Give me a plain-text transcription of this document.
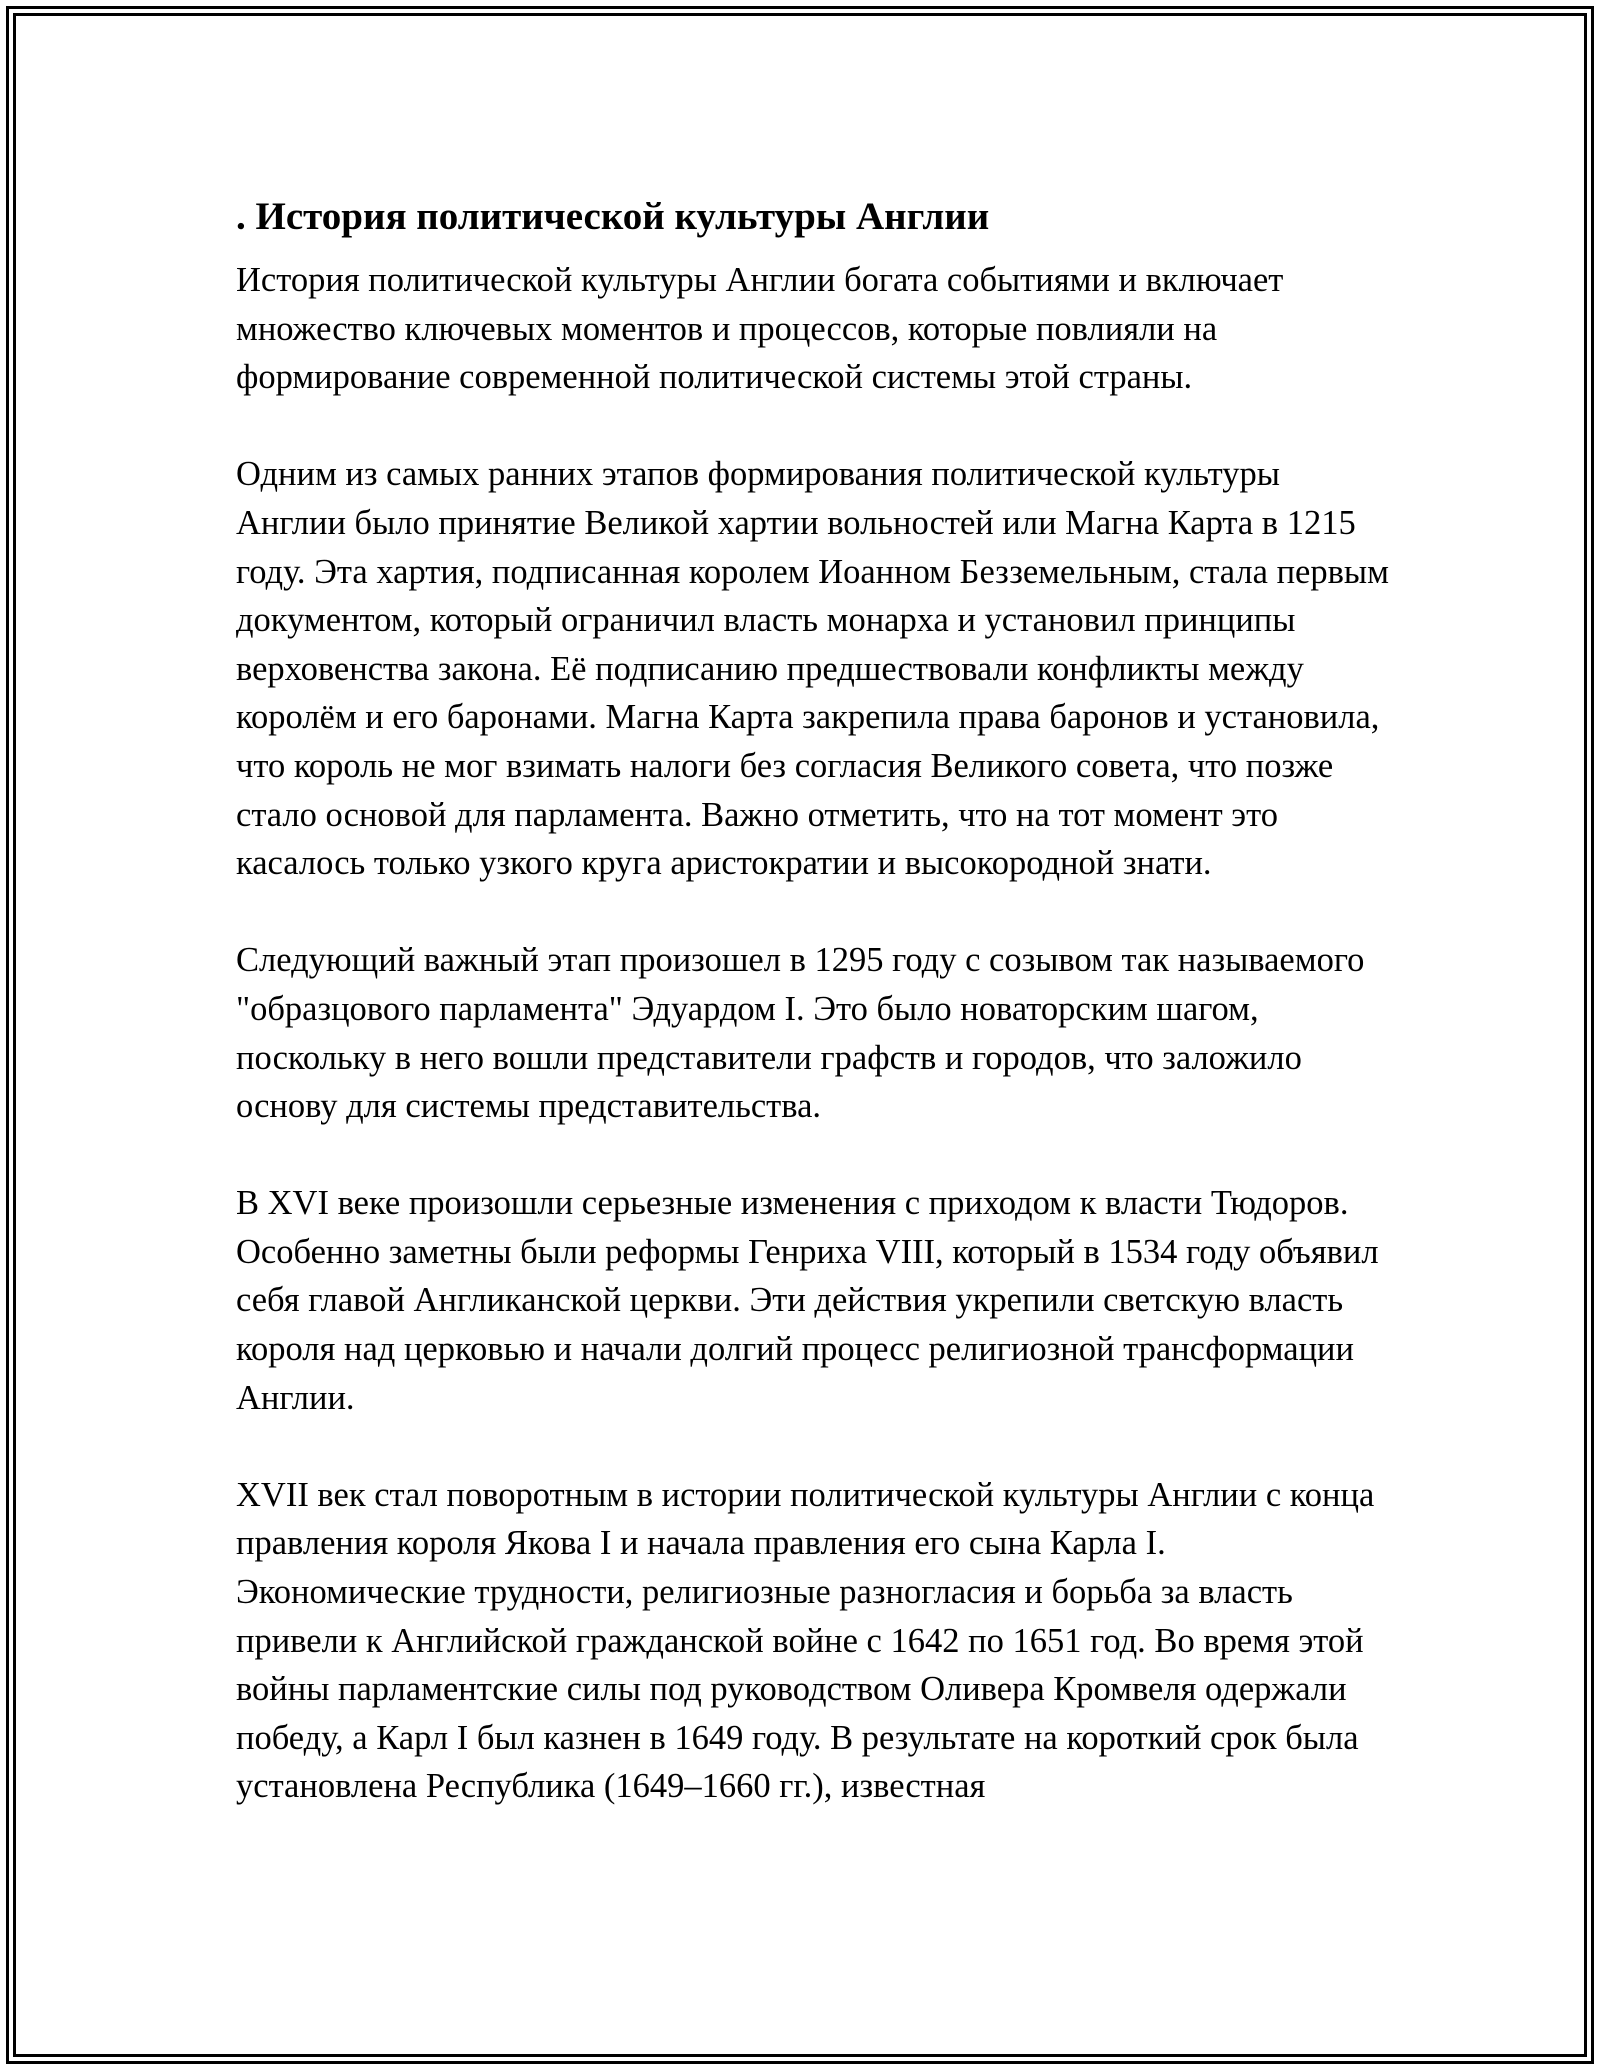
. История политической культуры Англии

История политической культуры Англии богата событиями и включает множество ключевых моментов и процессов, которые повлияли на формирование современной политической системы этой страны.

Одним из самых ранних этапов формирования политической культуры Англии было принятие Великой хартии вольностей или Магна Карта в 1215 году. Эта хартия, подписанная королем Иоанном Безземельным, стала первым документом, который ограничил власть монарха и установил принципы верховенства закона. Её подписанию предшествовали конфликты между королём и его баронами. Магна Карта закрепила права баронов и установила, что король не мог взимать налоги без согласия Великого совета, что позже стало основой для парламента. Важно отметить, что на тот момент это касалось только узкого круга аристократии и высокородной знати.

Следующий важный этап произошел в 1295 году с созывом так называемого "образцового парламента" Эдуардом I. Это было новаторским шагом, поскольку в него вошли представители графств и городов, что заложило основу для системы представительства.

В XVI веке произошли серьезные изменения с приходом к власти Тюдоров. Особенно заметны были реформы Генриха VIII, который в 1534 году объявил себя главой Англиканской церкви. Эти действия укрепили светскую власть короля над церковью и начали долгий процесс религиозной трансформации Англии.

XVII век стал поворотным в истории политической культуры Англии с конца правления короля Якова I и начала правления его сына Карла I. Экономические трудности, религиозные разногласия и борьба за власть привели к Английской гражданской войне с 1642 по 1651 год. Во время этой войны парламентские силы под руководством Оливера Кромвеля одержали победу, а Карл I был казнен в 1649 году. В результате на короткий срок была установлена Республика (1649–1660 гг.), известная
